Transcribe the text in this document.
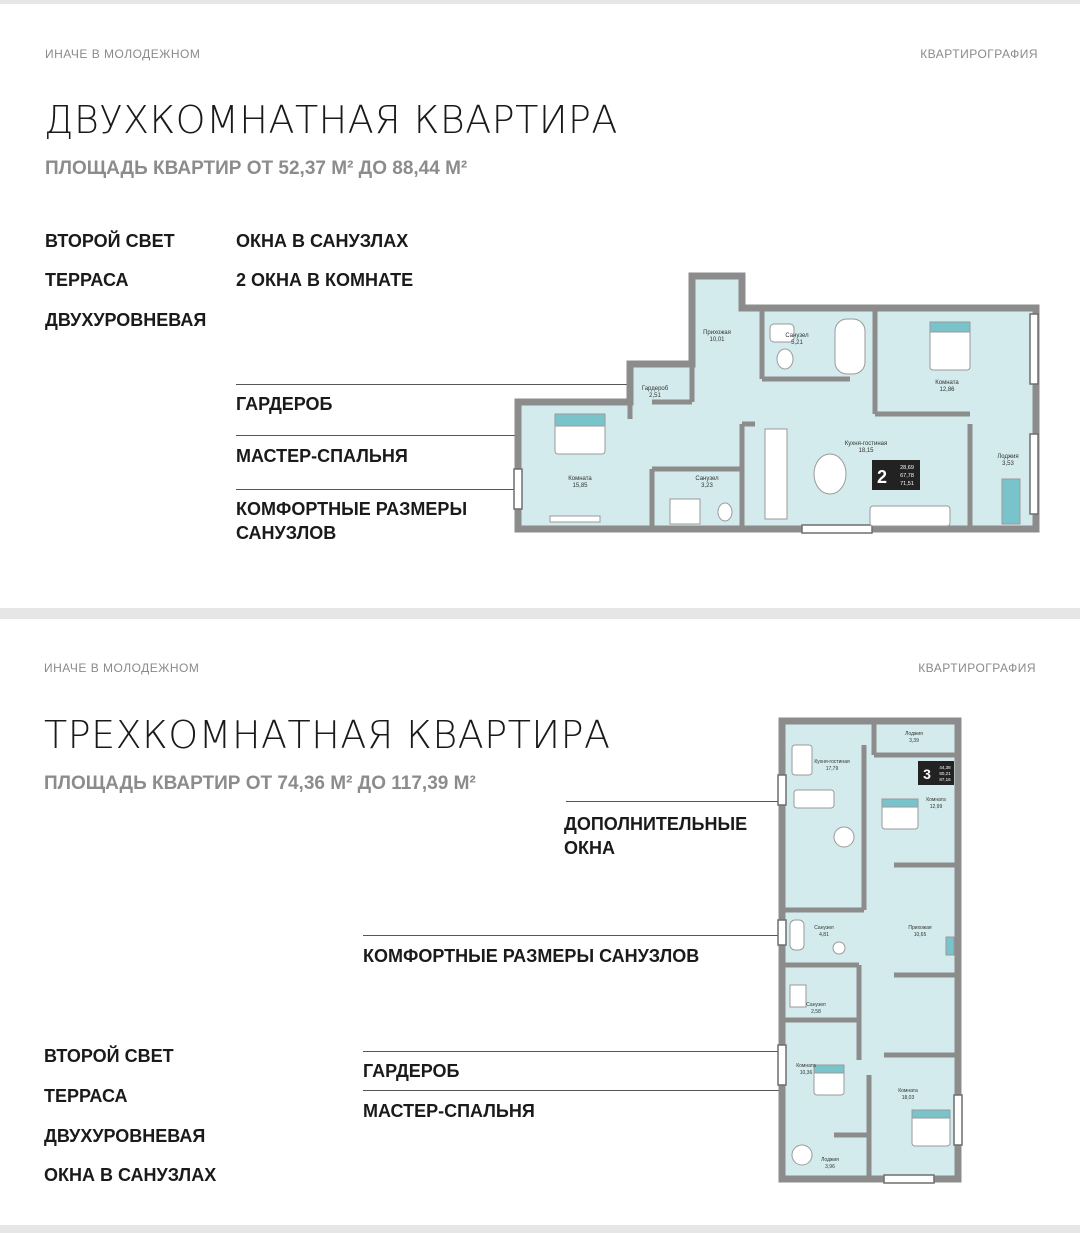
ИНАЧЕ В МОЛОДЕЖНОМ	КВАРТИРОГРАФИЯ
ДВУХКОМНАТНАЯ КВАРТИРА
ПЛОЩАДЬ КВАРТИР ОТ 52,37 М² ДО 88,44 М²
ВТОРОЙ СВЕТ
ТЕРРАСА
ДВУХУРОВНЕВАЯ
ОКНА В САНУЗЛАХ
2 ОКНА В КОМНАТЕ
ГАРДЕРОБ
МАСТЕР-СПАЛЬНЯ
КОМФОРТНЫЕ РАЗМЕРЫ САНУЗЛОВ
Прихожая
10,01
Санузел
5,21
Комната
12,86
Гардероб
2,51
Кухня-гостиная
18,15
Комната
15,85
Санузел
3,23
Лоджия
3,53
2 28,69
67,78
71,51
ИНАЧЕ В МОЛОДЕЖНОМ	КВАРТИРОГРАФИЯ
ТРЕХКОМНАТНАЯ КВАРТИРА
ПЛОЩАДЬ КВАРТИР ОТ 74,36 М² ДО 117,39 М²
ДОПОЛНИТЕЛЬНЫЕ ОКНА
КОМФОРТНЫЕ РАЗМЕРЫ САНУЗЛОВ
ГАРДЕРОБ
МАСТЕР-СПАЛЬНЯ
ВТОРОЙ СВЕТ
ТЕРРАСА
ДВУХУРОВНЕВАЯ
ОКНА В САНУЗЛАХ
Лоджия
3,39
Кухня-гостиная
17,79
Комната
12,99
Санузел
4,81
Прихожая
10,65
Санузел
2,58
Комната
10,36
Комната
18,03
Лоджия
3,96
3 44,38
80,21
87,16
